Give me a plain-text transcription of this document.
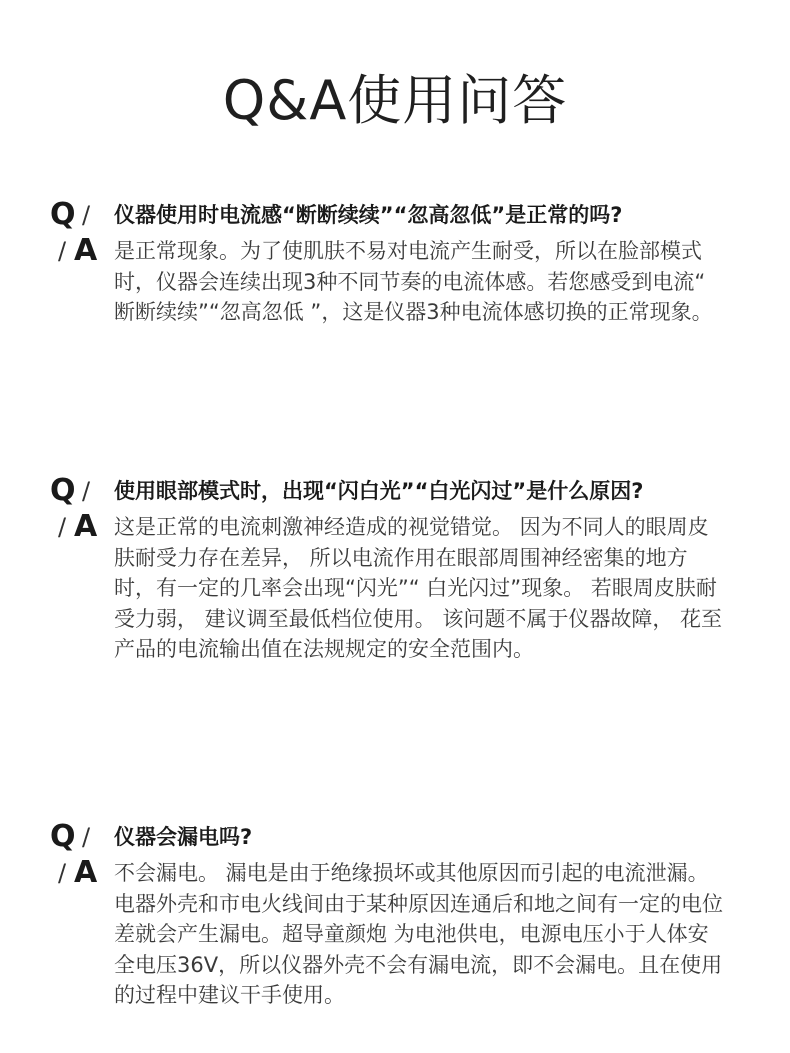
Q&A使用问答
Q / 仪器使用时电流感“断断续续”“忽高忽低”是正常的吗?
/ A 是正常现象。为了使肌肤不易对电流产生耐受，所以在脸部模式时，仪器会连续出现3种不同节奏的电流体感。若您感受到电流“ 断断续续”“忽高忽低 ”，这是仪器3种电流体感切换的正常现象。
Q / 使用眼部模式时，出现“闪白光”“白光闪过”是什么原因?
/ A 这是正常的电流刺激神经造成的视觉错觉。 因为不同人的眼周皮肤耐受力存在差异， 所以电流作用在眼部周围神经密集的地方时，有一定的几率会出现“闪光”“ 白光闪过”现象。 若眼周皮肤耐受力弱， 建议调至最低档位使用。 该问题不属于仪器故障， 花至产品的电流输出值在法规规定的安全范围内。
Q / 仪器会漏电吗?
/ A 不会漏电。 漏电是由于绝缘损坏或其他原因而引起的电流泄漏。电器外壳和市电火线间由于某种原因连通后和地之间有一定的电位差就会产生漏电。超导童颜炮 为电池供电，电源电压小于人体安全电压36V，所以仪器外壳不会有漏电流，即不会漏电。且在使用的过程中建议干手使用。
